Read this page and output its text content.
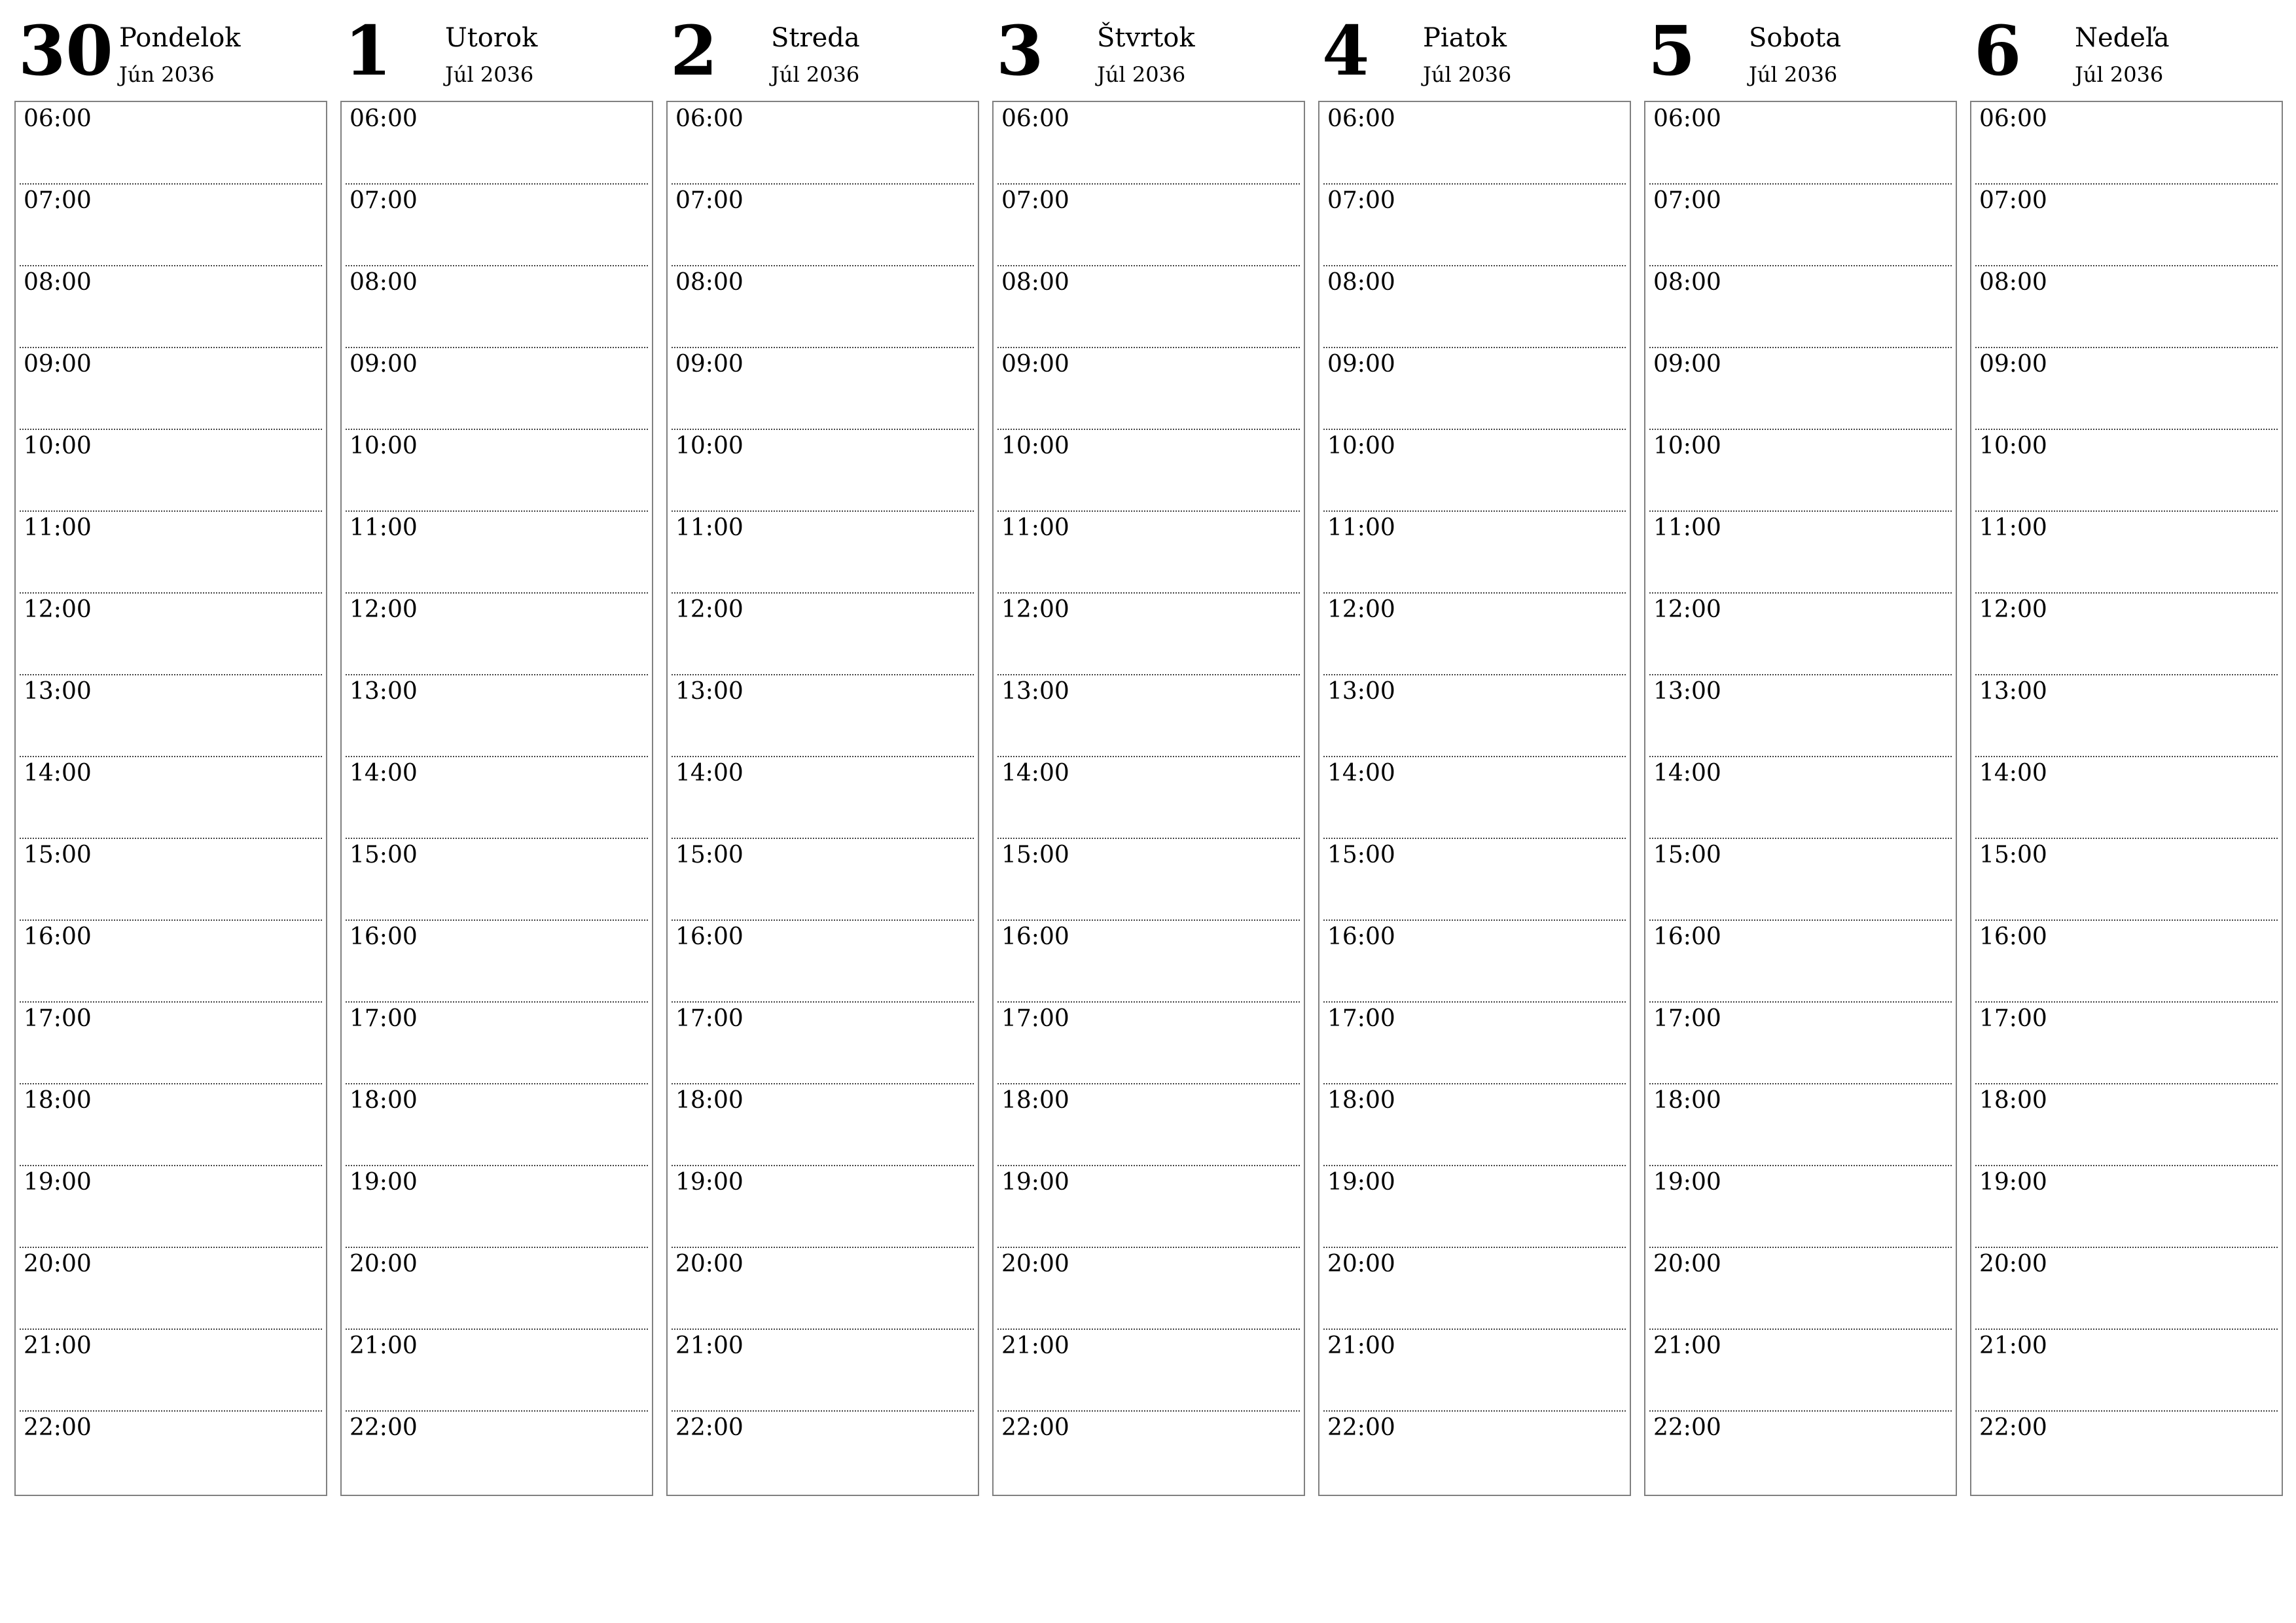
30 Pondelok
Jún 2036
06:00
07:00
08:00
09:00
10:00
11:00
12:00
13:00
14:00
15:00
16:00
17:00
18:00
19:00
20:00
21:00
22:00
1 Utorok
Júl 2036
06:00
07:00
08:00
09:00
10:00
11:00
12:00
13:00
14:00
15:00
16:00
17:00
18:00
19:00
20:00
21:00
22:00
2 Streda
Júl 2036
06:00
07:00
08:00
09:00
10:00
11:00
12:00
13:00
14:00
15:00
16:00
17:00
18:00
19:00
20:00
21:00
22:00
3 Štvrtok
Júl 2036
06:00
07:00
08:00
09:00
10:00
11:00
12:00
13:00
14:00
15:00
16:00
17:00
18:00
19:00
20:00
21:00
22:00
4 Piatok
Júl 2036
06:00
07:00
08:00
09:00
10:00
11:00
12:00
13:00
14:00
15:00
16:00
17:00
18:00
19:00
20:00
21:00
22:00
5 Sobota
Júl 2036
06:00
07:00
08:00
09:00
10:00
11:00
12:00
13:00
14:00
15:00
16:00
17:00
18:00
19:00
20:00
21:00
22:00
6 Nedeľa
Júl 2036
06:00
07:00
08:00
09:00
10:00
11:00
12:00
13:00
14:00
15:00
16:00
17:00
18:00
19:00
20:00
21:00
22:00
